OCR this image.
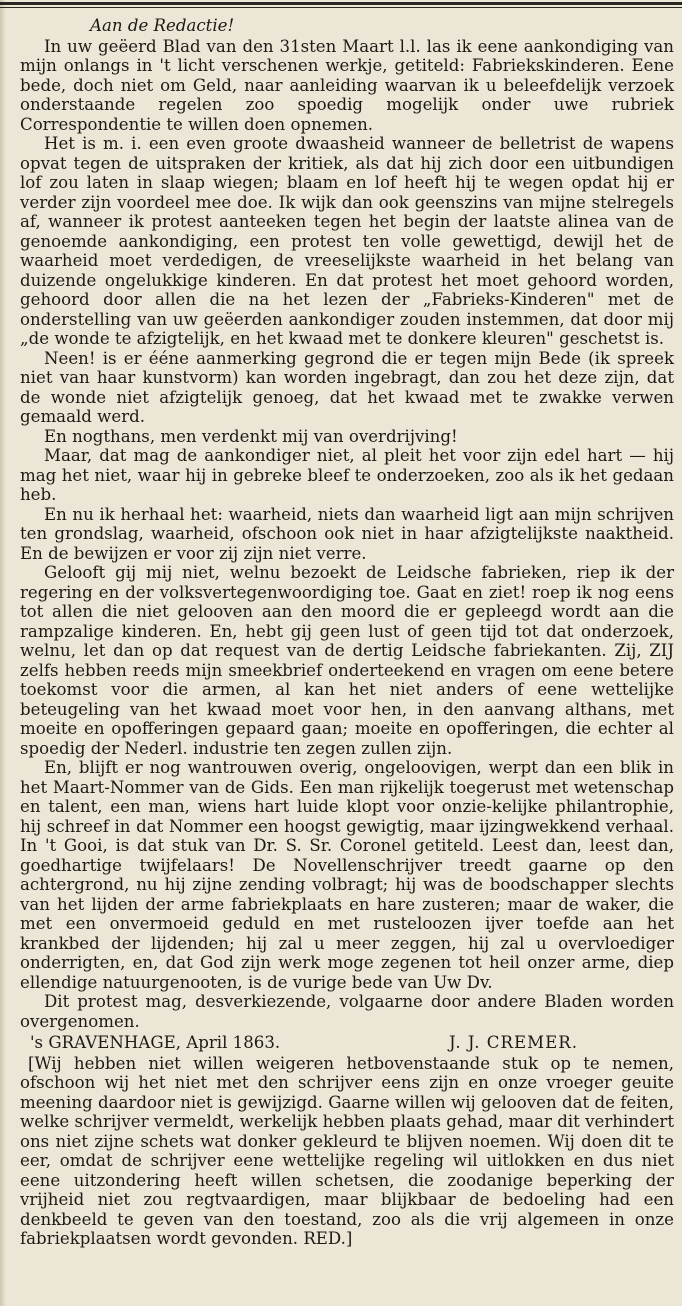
Aan de Redactie!

In uw geëerd Blad van den 31sten Maart l.l. las ik eene aankondiging van mijn onlangs in 't licht verschenen werkje, getiteld: Fabriekskinderen. Eene bede, doch niet om Geld, naar aanleiding waarvan ik u beleefdelijk verzoek onderstaande regelen zoo spoedig mogelijk onder uwe rubriek Correspondentie te willen doen opnemen.

Het is m. i. een even groote dwaasheid wanneer de belletrist de wapens opvat tegen de uitspraken der kritiek, als dat hij zich door een uitbundigen lof zou laten in slaap wiegen; blaam en lof heeft hij te wegen opdat hij er verder zijn voordeel mee doe. Ik wijk dan ook geenszins van mijne stelregels af, wanneer ik protest aanteeken tegen het begin der laatste alinea van de genoemde aankondiging, een protest ten volle gewettigd, dewijl het de waarheid moet verdedigen, de vreeselijkste waarheid in het belang van duizende ongelukkige kinderen. En dat protest het moet gehoord worden, gehoord door allen die na het lezen der „Fabrieks-Kinderen" met de onderstelling van uw geëerden aankondiger zouden instemmen, dat door mij „de wonde te afzigtelijk, en het kwaad met te donkere kleuren" geschetst is.

Neen! is er ééne aanmerking gegrond die er tegen mijn Bede (ik spreek niet van haar kunstvorm) kan worden ingebragt, dan zou het deze zijn, dat de wonde niet afzigtelijk genoeg, dat het kwaad met te zwakke verwen gemaald werd.

En nogthans, men verdenkt mij van overdrijving!

Maar, dat mag de aankondiger niet, al pleit het voor zijn edel hart — hij mag het niet, waar hij in gebreke bleef te onderzoeken, zoo als ik het gedaan heb.

En nu ik herhaal het: waarheid, niets dan waarheid ligt aan mijn schrijven ten grondslag, waarheid, ofschoon ook niet in haar afzigtelijkste naaktheid. En de bewijzen er voor zij zijn niet verre.

Gelooft gij mij niet, welnu bezoekt de Leidsche fabrieken, riep ik der regering en der volksvertegenwoordiging toe. Gaat en ziet! roep ik nog eens tot allen die niet gelooven aan den moord die er gepleegd wordt aan die rampzalige kinderen. En, hebt gij geen lust of geen tijd tot dat onderzoek, welnu, let dan op dat request van de dertig Leidsche fabriekanten. Zij, ZIJ zelfs hebben reeds mijn smeekbrief onderteekend en vragen om eene betere toekomst voor die armen, al kan het niet anders of eene wettelijke beteugeling van het kwaad moet voor hen, in den aanvang althans, met moeite en opofferingen gepaard gaan; moeite en opofferingen, die echter al spoedig der Nederl. industrie ten zegen zullen zijn.

En, blijft er nog wantrouwen overig, ongeloovigen, werpt dan een blik in het Maart-Nommer van de Gids. Een man rijkelijk toegerust met wetenschap en talent, een man, wiens hart luide klopt voor onzie-kelijke philantrophie, hij schreef in dat Nommer een hoogst gewigtig, maar ijzingwekkend verhaal. In 't Gooi, is dat stuk van Dr. S. Sr. Coronel getiteld. Leest dan, leest dan, goedhartige twijfelaars! De Novellenschrijver treedt gaarne op den achtergrond, nu hij zijne zending volbragt; hij was de boodschapper slechts van het lijden der arme fabriekplaats en hare zusteren; maar de waker, die met een onvermoeid geduld en met rusteloozen ijver toefde aan het krankbed der lijdenden; hij zal u meer zeggen, hij zal u overvloediger onderrigten, en, dat God zijn werk moge zegenen tot heil onzer arme, diep ellendige natuurgenooten, is de vurige bede van Uw Dv.

Dit protest mag, desverkiezende, volgaarne door andere Bladen worden overgenomen.

's GRAVENHAGE, April 1863.	J. J. CREMER.

[Wij hebben niet willen weigeren hetbovenstaande stuk op te nemen, ofschoon wij het niet met den schrijver eens zijn en onze vroeger geuite meening daardoor niet is gewijzigd. Gaarne willen wij gelooven dat de feiten, welke schrijver vermeldt, werkelijk hebben plaats gehad, maar dit verhindert ons niet zijne schets wat donker gekleurd te blijven noemen. Wij doen dit te eer, omdat de schrijver eene wettelijke regeling wil uitlokken en dus niet eene uitzondering heeft willen schetsen, die zoodanige beperking der vrijheid niet zou regtvaardigen, maar blijkbaar de bedoeling had een denkbeeld te geven van den toestand, zoo als die vrij algemeen in onze fabriekplaatsen wordt gevonden. RED.]
